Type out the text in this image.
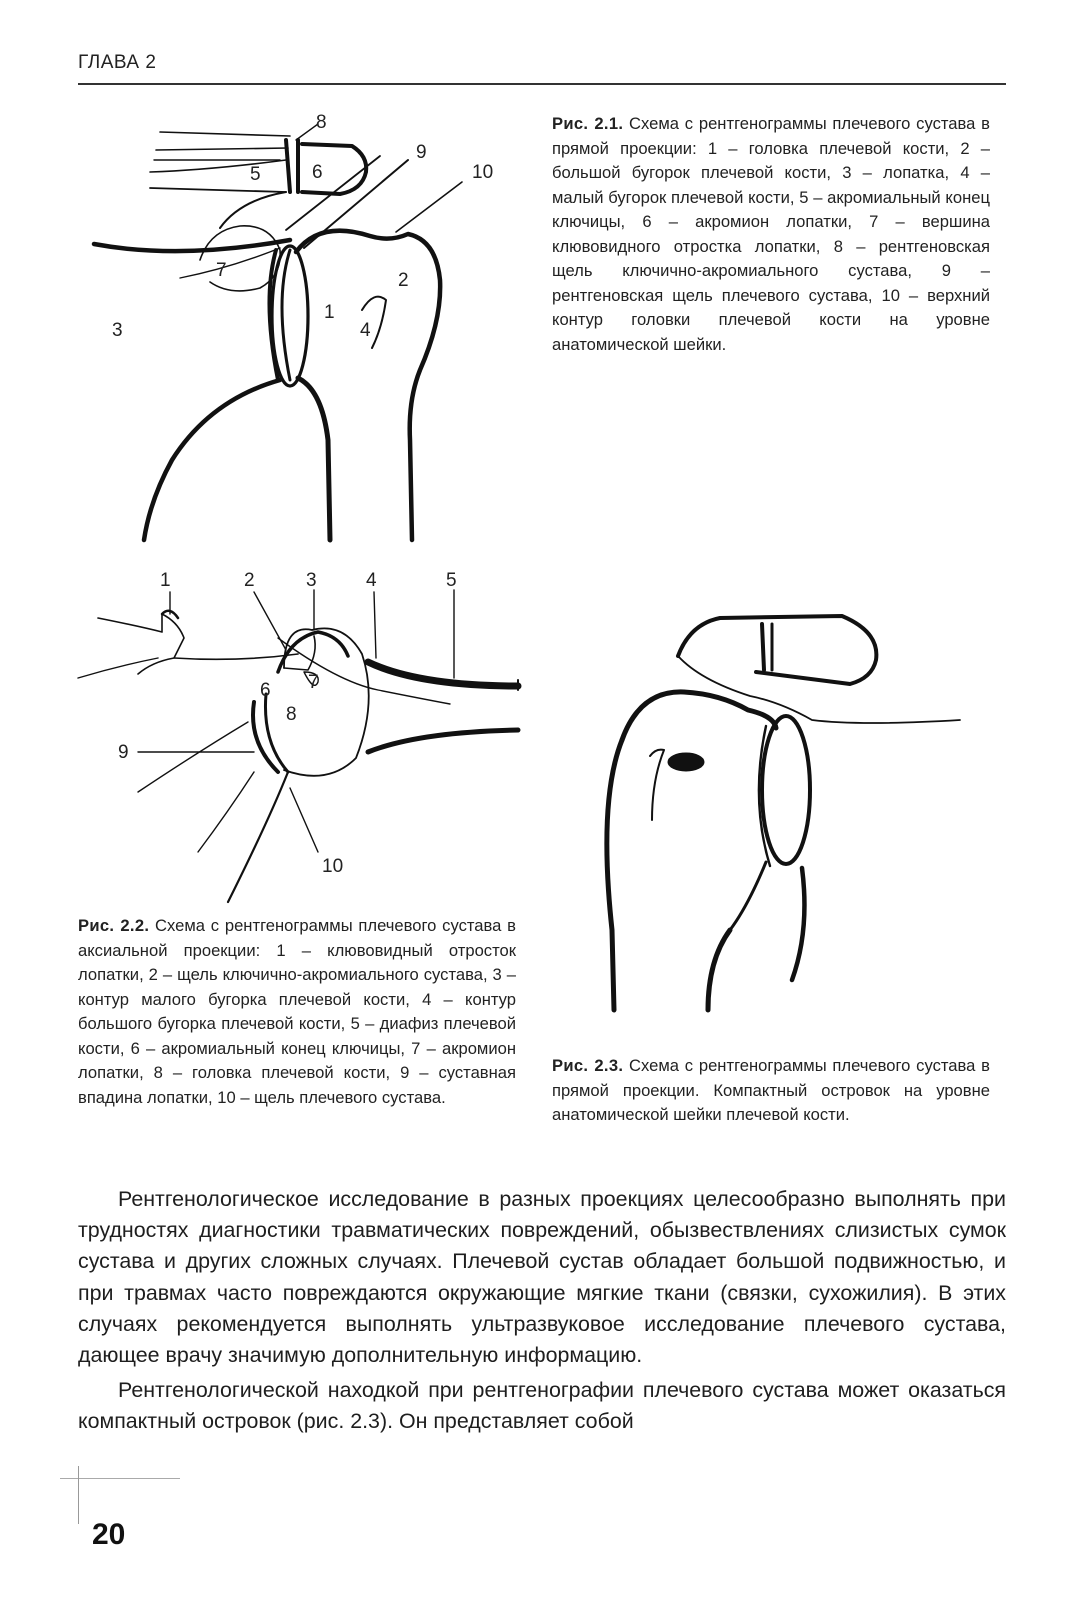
ГЛАВА 2
8
9
10
5	6
7	2
1
4
3

Рис. 2.1. Схема с рентгенограммы плечевого сустава в прямой проекции: 1 – головка плечевой кости, 2 – большой бугорок плечевой кости, 3 – лопатка, 4 – малый бугорок плечевой кости, 5 – акромиальный конец ключицы, 6 – акромион лопатки, 7 – вершина клювовидного отростка лопатки, 8 – рентгеновская щель ключично-акромиального сустава, 9 – рентгеновская щель плечевого сустава, 10 – верхний контур головки плечевой кости на уровне анатомической шейки.

1	2	3	4	5
6 7
8
9
10

Рис. 2.2. Схема с рентгенограммы плечевого сустава в аксиальной проекции: 1 – клювовидный отросток лопатки, 2 – щель ключично-акромиального сустава, 3 – контур малого бугорка плечевой кости, 4 – контур большого бугорка плечевой кости, 5 – диафиз плечевой кости, 6 – акромиальный конец ключицы, 7 – акромион лопатки, 8 – головка плечевой кости, 9 – суставная впадина лопатки, 10 – щель плечевого сустава.

Рис. 2.3. Схема с рентгенограммы плечевого сустава в прямой проекции. Компактный островок на уровне анатомической шейки плечевой кости.

Рентгенологическое исследование в разных проекциях целесообразно выполнять при трудностях диагностики травматических повреждений, обызвествлениях слизистых сумок сустава и других сложных случаях. Плечевой сустав обладает большой подвижностью, и при травмах часто повреждаются окружающие мягкие ткани (связки, сухожилия). В этих случаях рекомендуется выполнять ультразвуковое исследование плечевого сустава, дающее врачу значимую дополнительную информацию.

Рентгенологической находкой при рентгенографии плечевого сустава может оказаться компактный островок (рис. 2.3). Он представляет собой

20
